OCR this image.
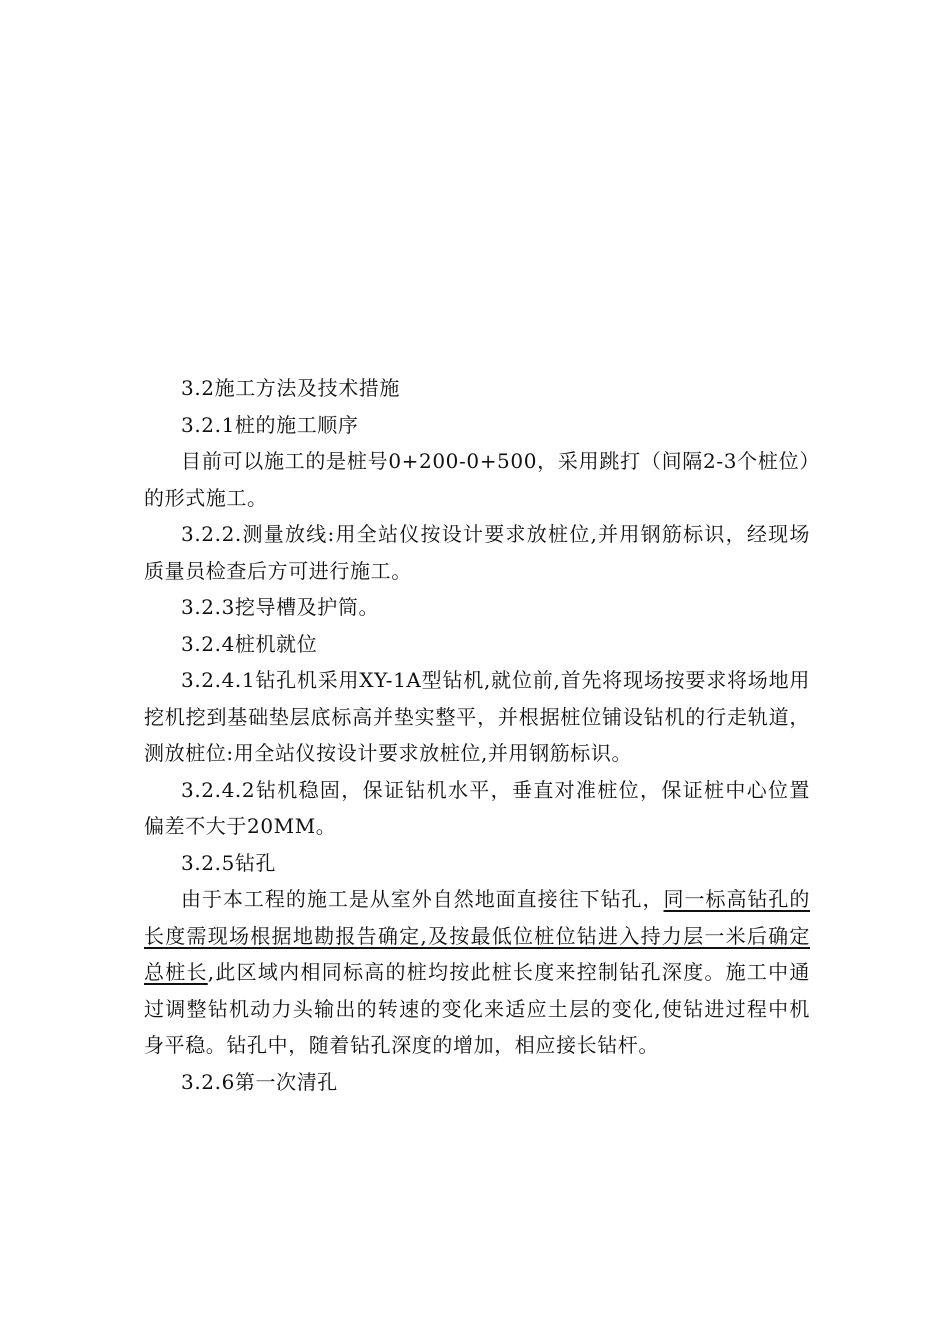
3.2施工方法及技术措施

3.2.1桩的施工顺序

目前可以施工的是桩号0+200-0+500，采用跳打（间隔2-3个桩位）的形式施工。

3.2.2.测量放线:用全站仪按设计要求放桩位,并用钢筋标识，经现场质量员检查后方可进行施工。

3.2.3挖导槽及护筒。

3.2.4桩机就位

3.2.4.1钻孔机采用XY-1A型钻机,就位前,首先将现场按要求将场地用挖机挖到基础垫层底标高并垫实整平，并根据桩位铺设钻机的行走轨道，测放桩位:用全站仪按设计要求放桩位,并用钢筋标识。

3.2.4.2钻机稳固，保证钻机水平，垂直对准桩位，保证桩中心位置偏差不大于20MM。

3.2.5钻孔

由于本工程的施工是从室外自然地面直接往下钻孔，同一标高钻孔的长度需现场根据地勘报告确定,及按最低位桩位钻进入持力层一米后确定总桩长,此区域内相同标高的桩均按此桩长度来控制钻孔深度。施工中通过调整钻机动力头输出的转速的变化来适应土层的变化,使钻进过程中机身平稳。钻孔中，随着钻孔深度的增加，相应接长钻杆。

3.2.6第一次清孔
